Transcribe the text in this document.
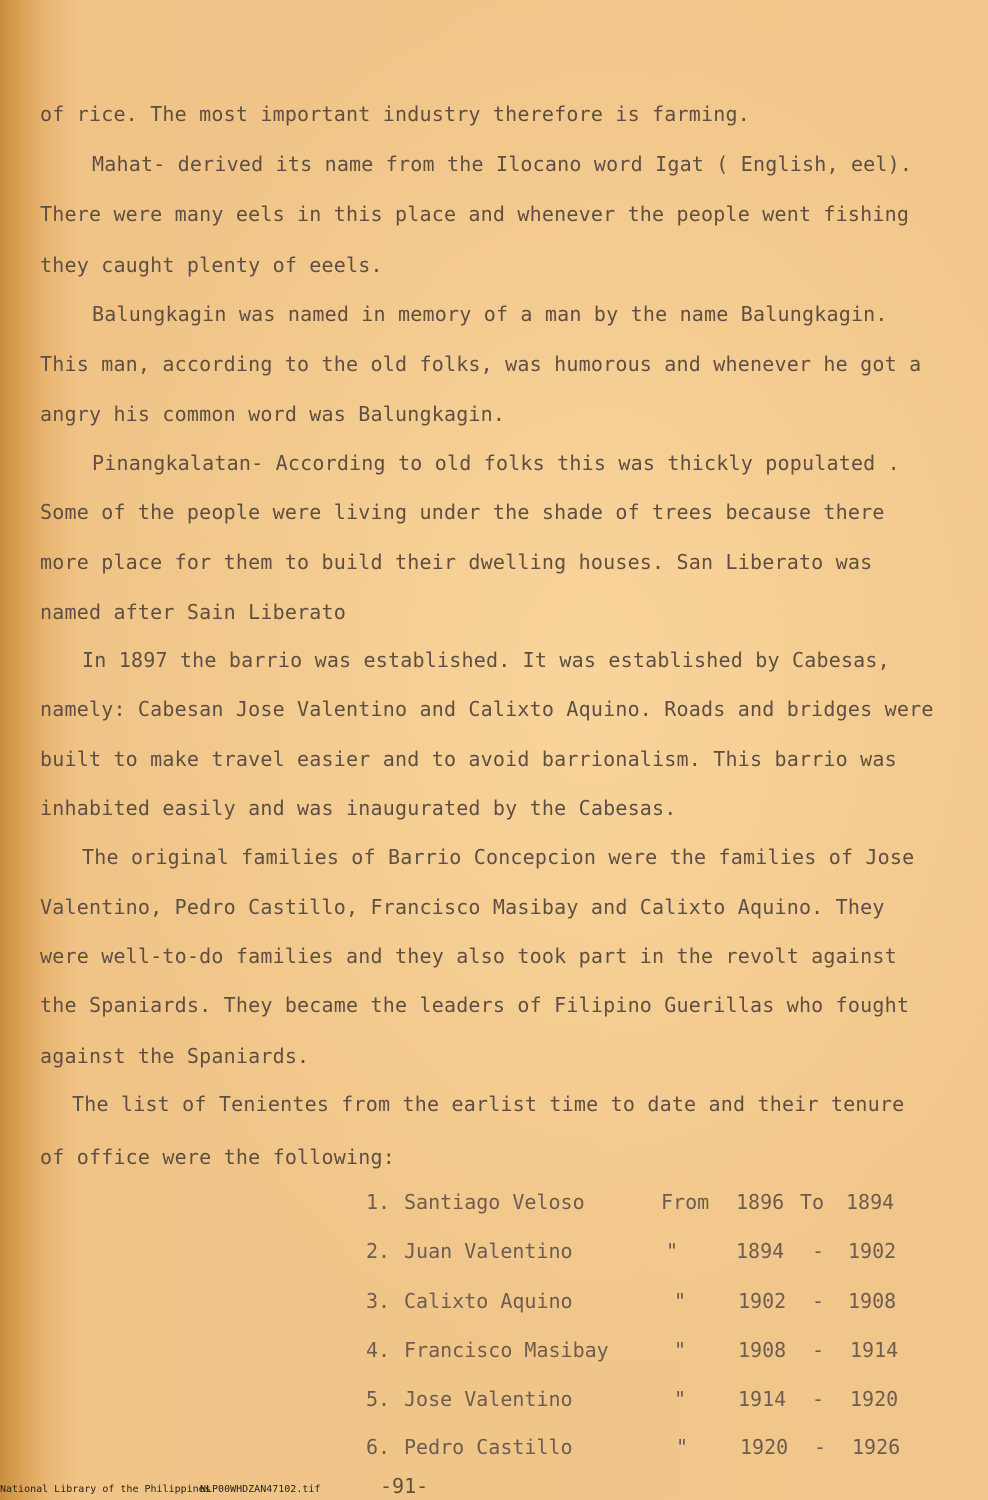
of rice. The most important industry therefore is farming.
Mahat- derived its name from the Ilocano word Igat ( English, eel).
There were many eels in this place and whenever the people went fishing
they caught plenty of eeels.
Balungkagin was named in memory of a man by the name Balungkagin.
This man, according to the old folks, was humorous and whenever he got a
angry his common word was Balungkagin.
Pinangkalatan- According to old folks this was thickly populated .
Some of the people were living under the shade of trees because there
more place for them to build their dwelling houses. San Liberato was
named after Sain Liberato
In 1897 the barrio was established. It was established by Cabesas,
namely: Cabesan Jose Valentino and Calixto Aquino. Roads and bridges were
built to make travel easier and to avoid barrionalism. This barrio was
inhabited easily and was inaugurated by the Cabesas.
The original families of Barrio Concepcion were the families of Jose
Valentino, Pedro Castillo, Francisco Masibay and Calixto Aquino. They
were well-to-do families and they also took part in the revolt against
the Spaniards. They became the leaders of Filipino Guerillas who fought
against the Spaniards.
The list of Tenientes from the earlist time to date and their tenure
of office were the following:
1. Santiago Veloso	From 1896 To 1894
2. Juan Valentino	"	1894 - 1902
3. Calixto Aquino	"	1902 - 1908
4. Francisco Masibay	"	1908 - 1914
5. Jose Valentino	"	1914 - 1920
6. Pedro Castillo	"	1920 - 1926
-91-
National Library of the Philippines
NLP00WHDZAN47102.tif
